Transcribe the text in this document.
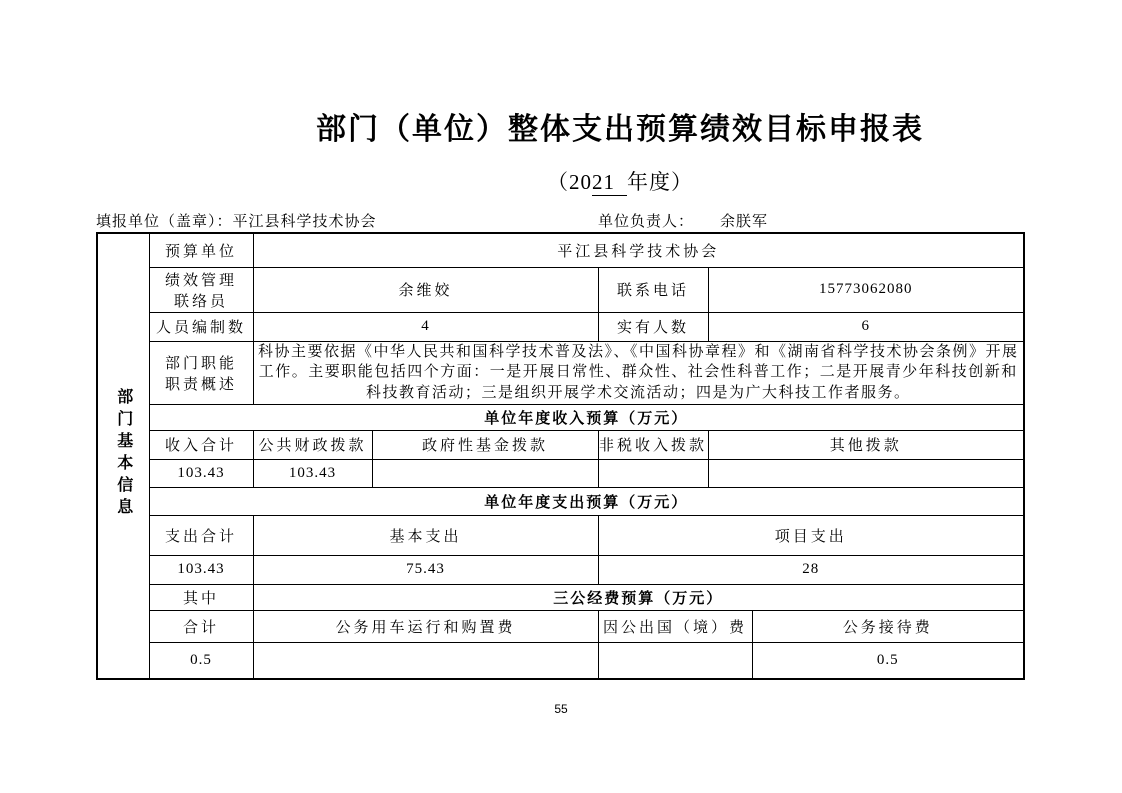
部门（单位）整体支出预算绩效目标申报表
（2021 年度）
填报单位（盖章）：平江县科学技术协会	单位负责人： 余朕军
部门基本信息	预算单位	平江县科学技术协会				
	绩效管理联络员	余维姣		联系电话	15773062080	
	人员编制数	4		实有人数	6	
	部门职能职责概述	科协主要依据《中华人民共和国科学技术普及法》、《中国科协章程》和《湖南省科学技术协会条例》开展工作。主要职能包括四个方面：一是开展日常性、群众性、社会性科普工作；二是开展青少年科技创新和科技教育活动；三是组织开展学术交流活动；四是为广大科技工作者服务。				
	单位年度收入预算（万元）					
	收入合计	公共财政拨款	政府性基金拨款	非税收入拨款	其他拨款	
	103.43	103.43				
	单位年度支出预算（万元）					
	支出合计	基本支出		项目支出		
	103.43	75.43		28		
	其中	三公经费预算（万元）				
	合计	公务用车运行和购置费		因公出国（境）费		公务接待费
	0.5					0.5
55
